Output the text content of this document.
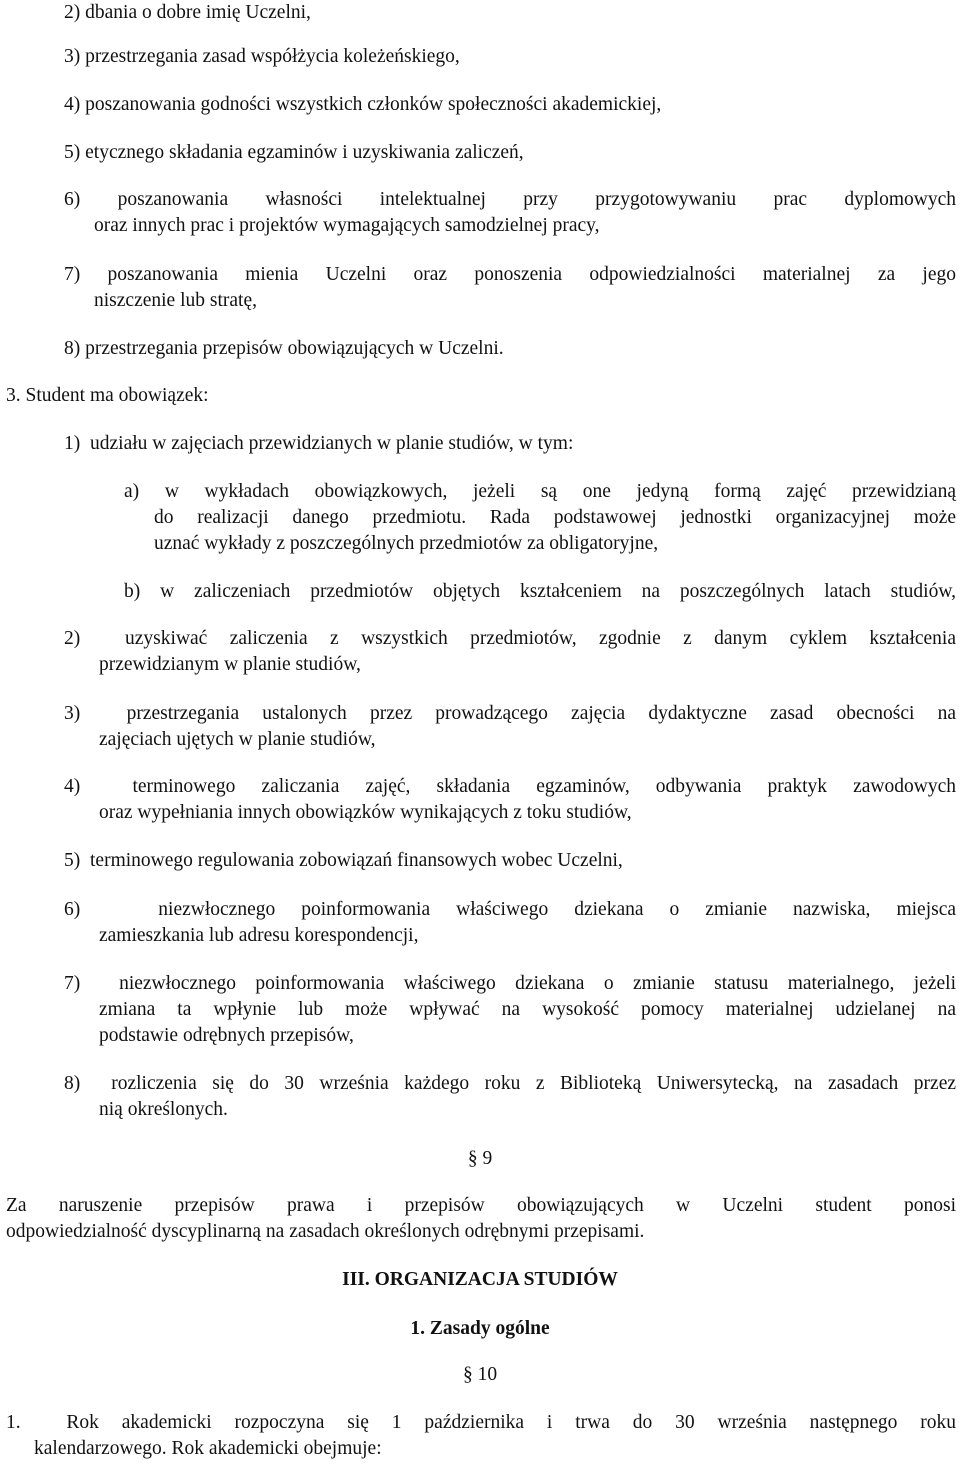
2) dbania o dobre imię Uczelni,
3) przestrzegania zasad współżycia koleżeńskiego,
4) poszanowania godności wszystkich członków społeczności akademickiej,
5) etycznego składania egzaminów i uzyskiwania zaliczeń,
6) poszanowania własności intelektualnej przy przygotowywaniu prac dyplomowych
oraz innych prac i projektów wymagających samodzielnej pracy,
7) poszanowania mienia Uczelni oraz ponoszenia odpowiedzialności materialnej za jego
niszczenie lub stratę,
8) przestrzegania przepisów obowiązujących w Uczelni.
3. Student ma obowiązek:
1) udziału w zajęciach przewidzianych w planie studiów, w tym:
a) w wykładach obowiązkowych, jeżeli są one jedyną formą zajęć przewidzianą
do realizacji danego przedmiotu. Rada podstawowej jednostki organizacyjnej może
uznać wykłady z poszczególnych przedmiotów za obligatoryjne,
b) w zaliczeniach przedmiotów objętych kształceniem na poszczególnych latach studiów,
2) uzyskiwać zaliczenia z wszystkich przedmiotów, zgodnie z danym cyklem kształcenia
przewidzianym w planie studiów,
3) przestrzegania ustalonych przez prowadzącego zajęcia dydaktyczne zasad obecności na
zajęciach ujętych w planie studiów,
4)	terminowego zaliczania zajęć, składania egzaminów, odbywania praktyk zawodowych
oraz wypełniania innych obowiązków wynikających z toku studiów,
5) terminowego regulowania zobowiązań finansowych wobec Uczelni,
6)	niezwłocznego poinformowania właściwego dziekana o zmianie nazwiska, miejsca
zamieszkania lub adresu korespondencji,
7) niezwłocznego poinformowania właściwego dziekana o zmianie statusu materialnego, jeżeli
zmiana ta wpłynie lub może wpływać na wysokość pomocy materialnej udzielanej na
podstawie odrębnych przepisów,
8) rozliczenia się do 30 września każdego roku z Biblioteką Uniwersytecką, na zasadach przez
nią określonych.
§ 9
Za naruszenie przepisów prawa i przepisów obowiązujących w Uczelni student ponosi
odpowiedzialność dyscyplinarną na zasadach określonych odrębnymi przepisami.
III. ORGANIZACJA STUDIÓW
1. Zasady ogólne
§ 10
1. Rok akademicki rozpoczyna się 1 października i trwa do 30 września następnego roku
kalendarzowego. Rok akademicki obejmuje:
